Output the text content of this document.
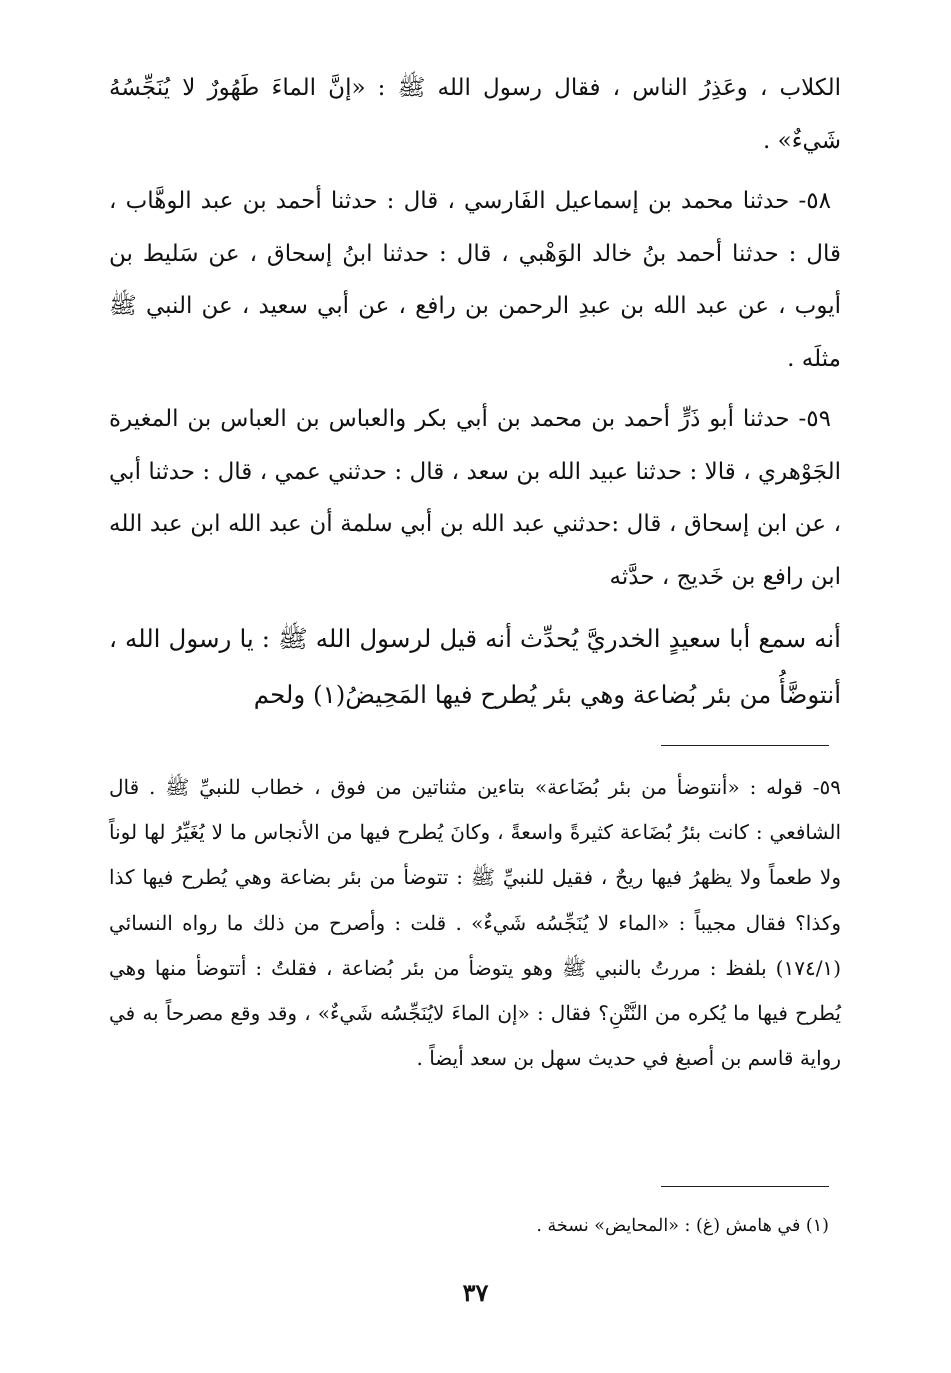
الكلاب ، وعَذِرُ الناس ، فقال رسول الله ﷺ : «إنَّ الماءَ طَهُورٌ لا يُنَجِّسُهُ شَيءٌ» .

٥٨- حدثنا محمد بن إسماعيل الفَارسي ، قال : حدثنا أحمد بن عبد الوهَّاب ، قال : حدثنا أحمد بنُ خالد الوَهْبي ، قال : حدثنا ابنُ إسحاق ، عن سَليط بن أيوب ، عن عبد الله بن عبدِ الرحمن بن رافع ، عن أبي سعيد ، عن النبي ﷺ مثلَه .

٥٩- حدثنا أبو ذَرٍّ أحمد بن محمد بن أبي بكر والعباس بن العباس بن المغيرة الجَوْهري ، قالا : حدثنا عبيد الله بن سعد ، قال : حدثني عمي ، قال : حدثنا أبي ، عن ابن إسحاق ، قال :حدثني عبد الله بن أبي سلمة أن عبد الله ابن عبد الله ابن رافع بن خَديج ، حدَّثه

أنه سمع أبا سعيدٍ الخدريَّ يُحدِّث أنه قيل لرسول الله ﷺ : يا رسول الله ، أنتوضَّأُ من بئر بُضاعة وهي بئر يُطرح فيها المَحِيضُ(١) ولحم

٥٩- قوله : «أنتوضأ من بئر بُضَاعة» بتاءين مثناتين من فوق ، خطاب للنبيِّ ﷺ . قال الشافعي : كانت بئرُ بُضَاعة كثيرةً واسعةً ، وكانَ يُطرح فيها من الأنجاس ما لا يُغَيِّرُ لها لوناً ولا طعماً ولا يظهرُ فيها ريحٌ ، فقيل للنبيِّ ﷺ : تتوضأ من بئر بضاعة وهي يُطرح فيها كذا وكذا؟ فقال مجيباً : «الماء لا يُنَجِّسُه شَيءٌ» . قلت : وأصرح من ذلك ما رواه النسائي (١٧٤/١) بلفظ : مررتُ بالنبي ﷺ وهو يتوضأ من بئر بُضاعة ، فقلتُ : أتتوضأ منها وهي يُطرح فيها ما يُكره من النَّتْنِ؟ فقال : «إن الماءَ لايُنَجِّسُه شَيءٌ» ، وقد وقع مصرحاً به في رواية قاسم بن أصبغ في حديث سهل بن سعد أيضاً .

(١) في هامش (غ) : «المحايض» نسخة .
٣٧
